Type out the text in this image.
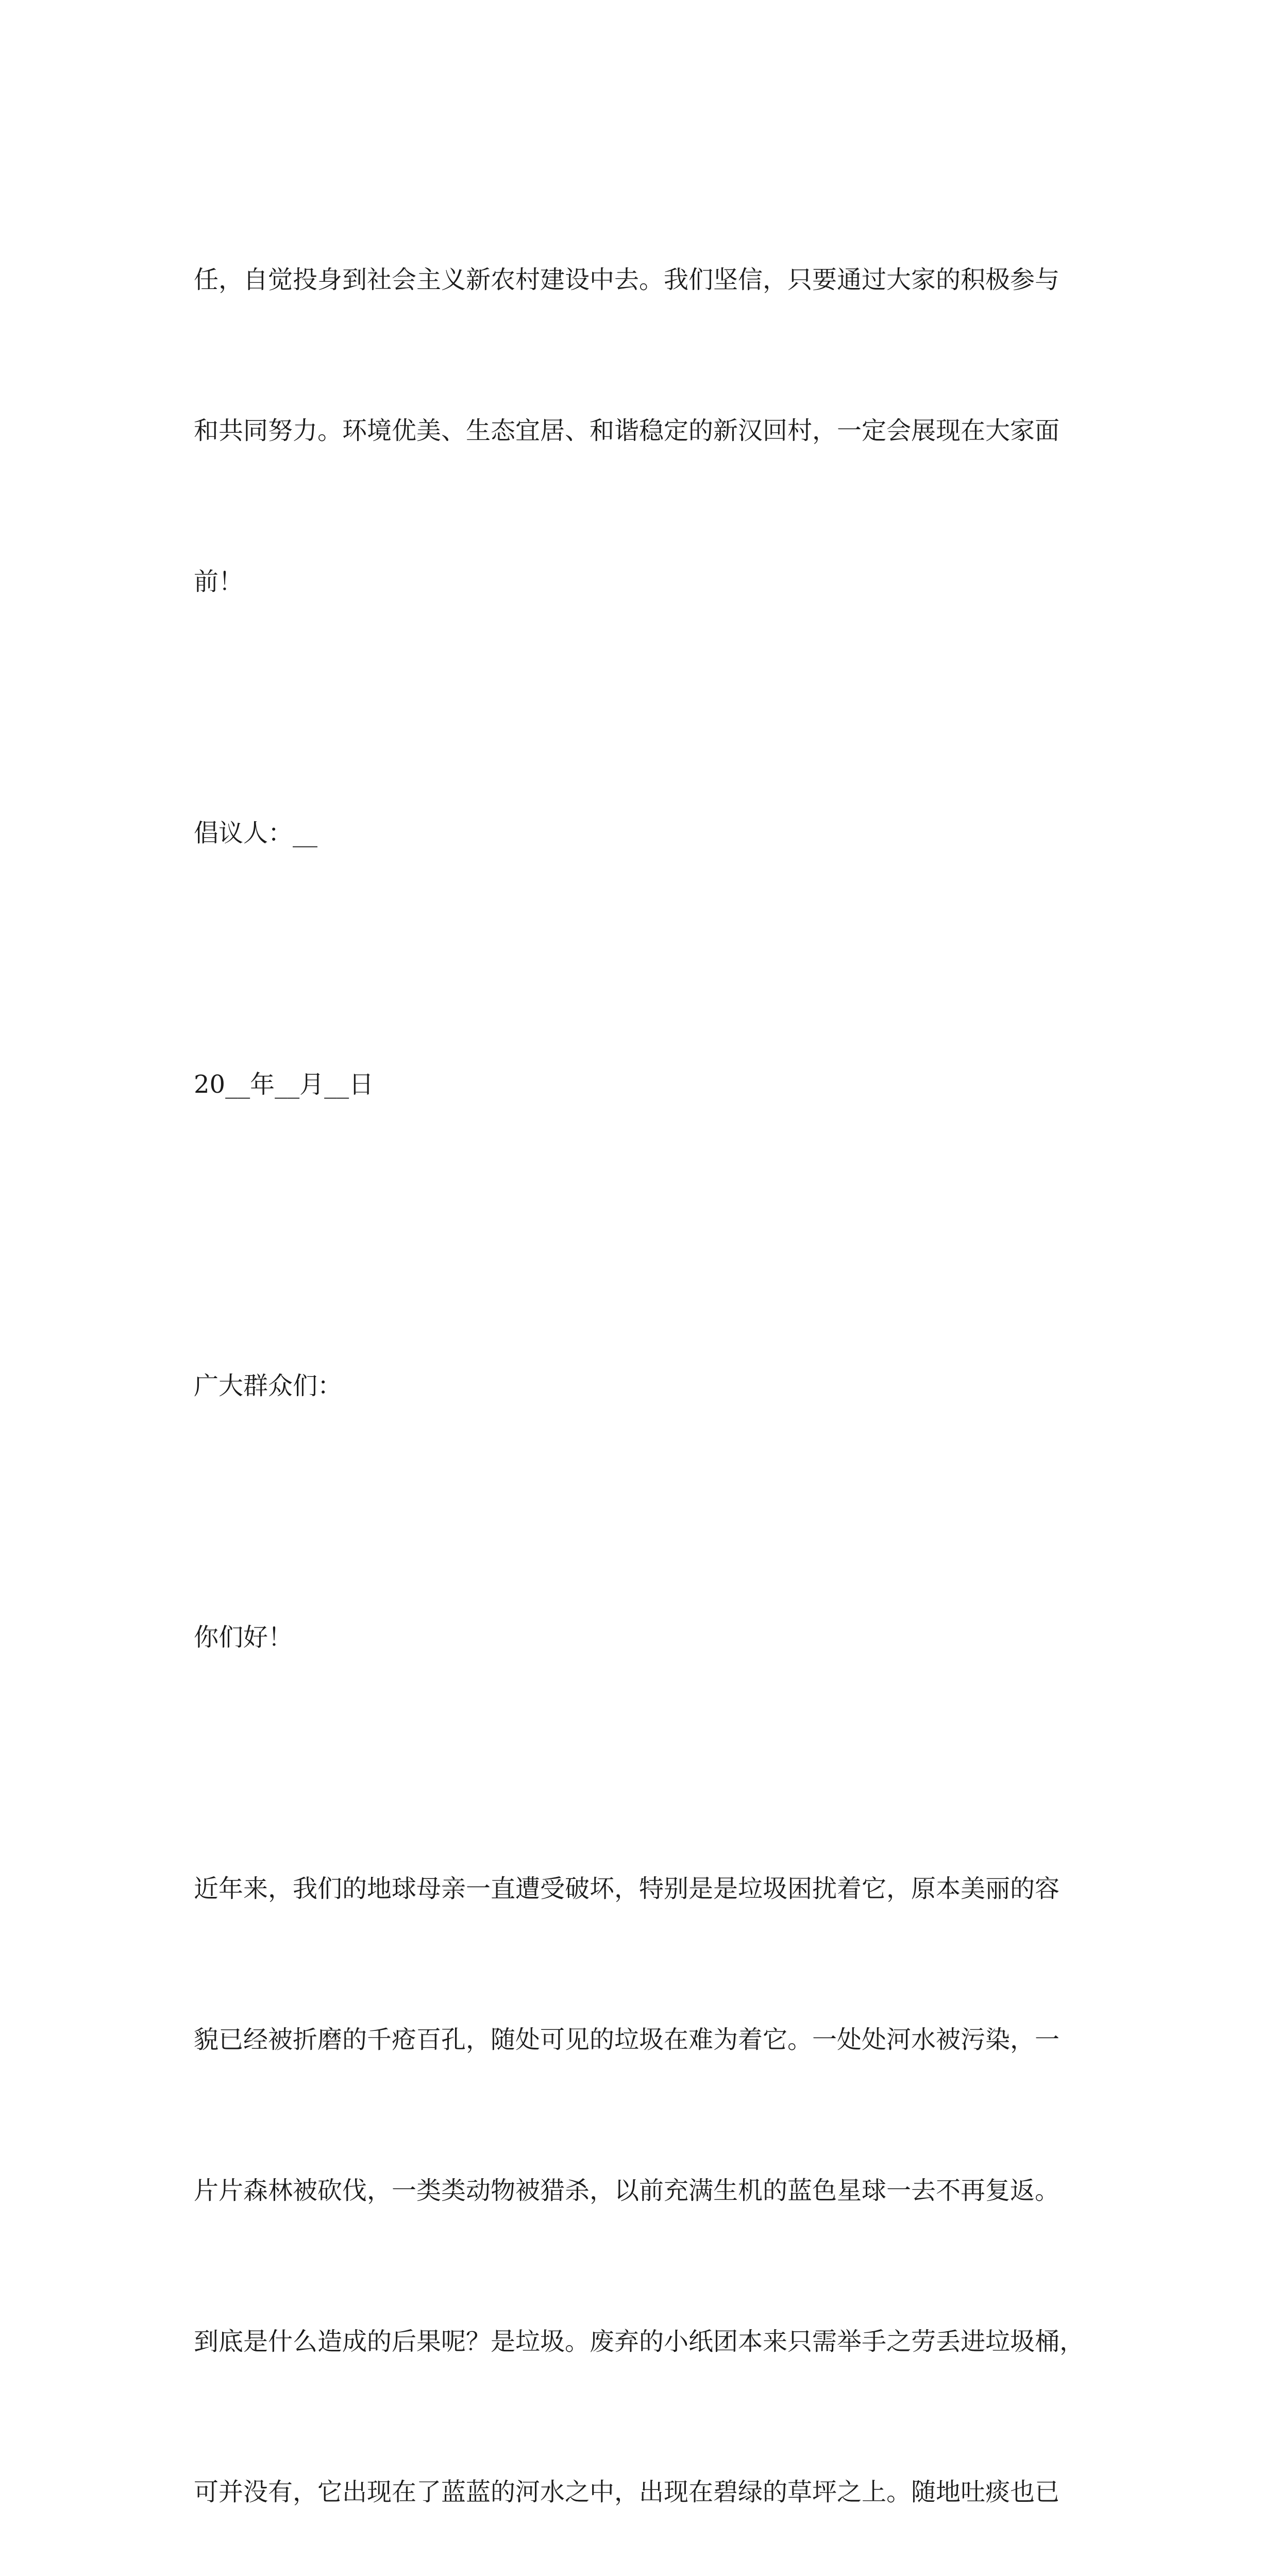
任，自觉投身到社会主义新农村建设中去。我们坚信，只要通过大家的积极参与

和共同努力。环境优美、生态宜居、和谐稳定的新汉回村，一定会展现在大家面

前！

倡议人：__

20__年__月__日

广大群众们：

你们好！

近年来，我们的地球母亲一直遭受破坏，特别是是垃圾困扰着它，原本美丽的容

貌已经被折磨的千疮百孔，随处可见的垃圾在难为着它。一处处河水被污染，一

片片森林被砍伐，一类类动物被猎杀，以前充满生机的蓝色星球一去不再复返。

到底是什么造成的后果呢？是垃圾。废弃的小纸团本来只需举手之劳丢进垃圾桶，

可并没有，它出现在了蓝蓝的河水之中，出现在碧绿的草坪之上。随地吐痰也已
